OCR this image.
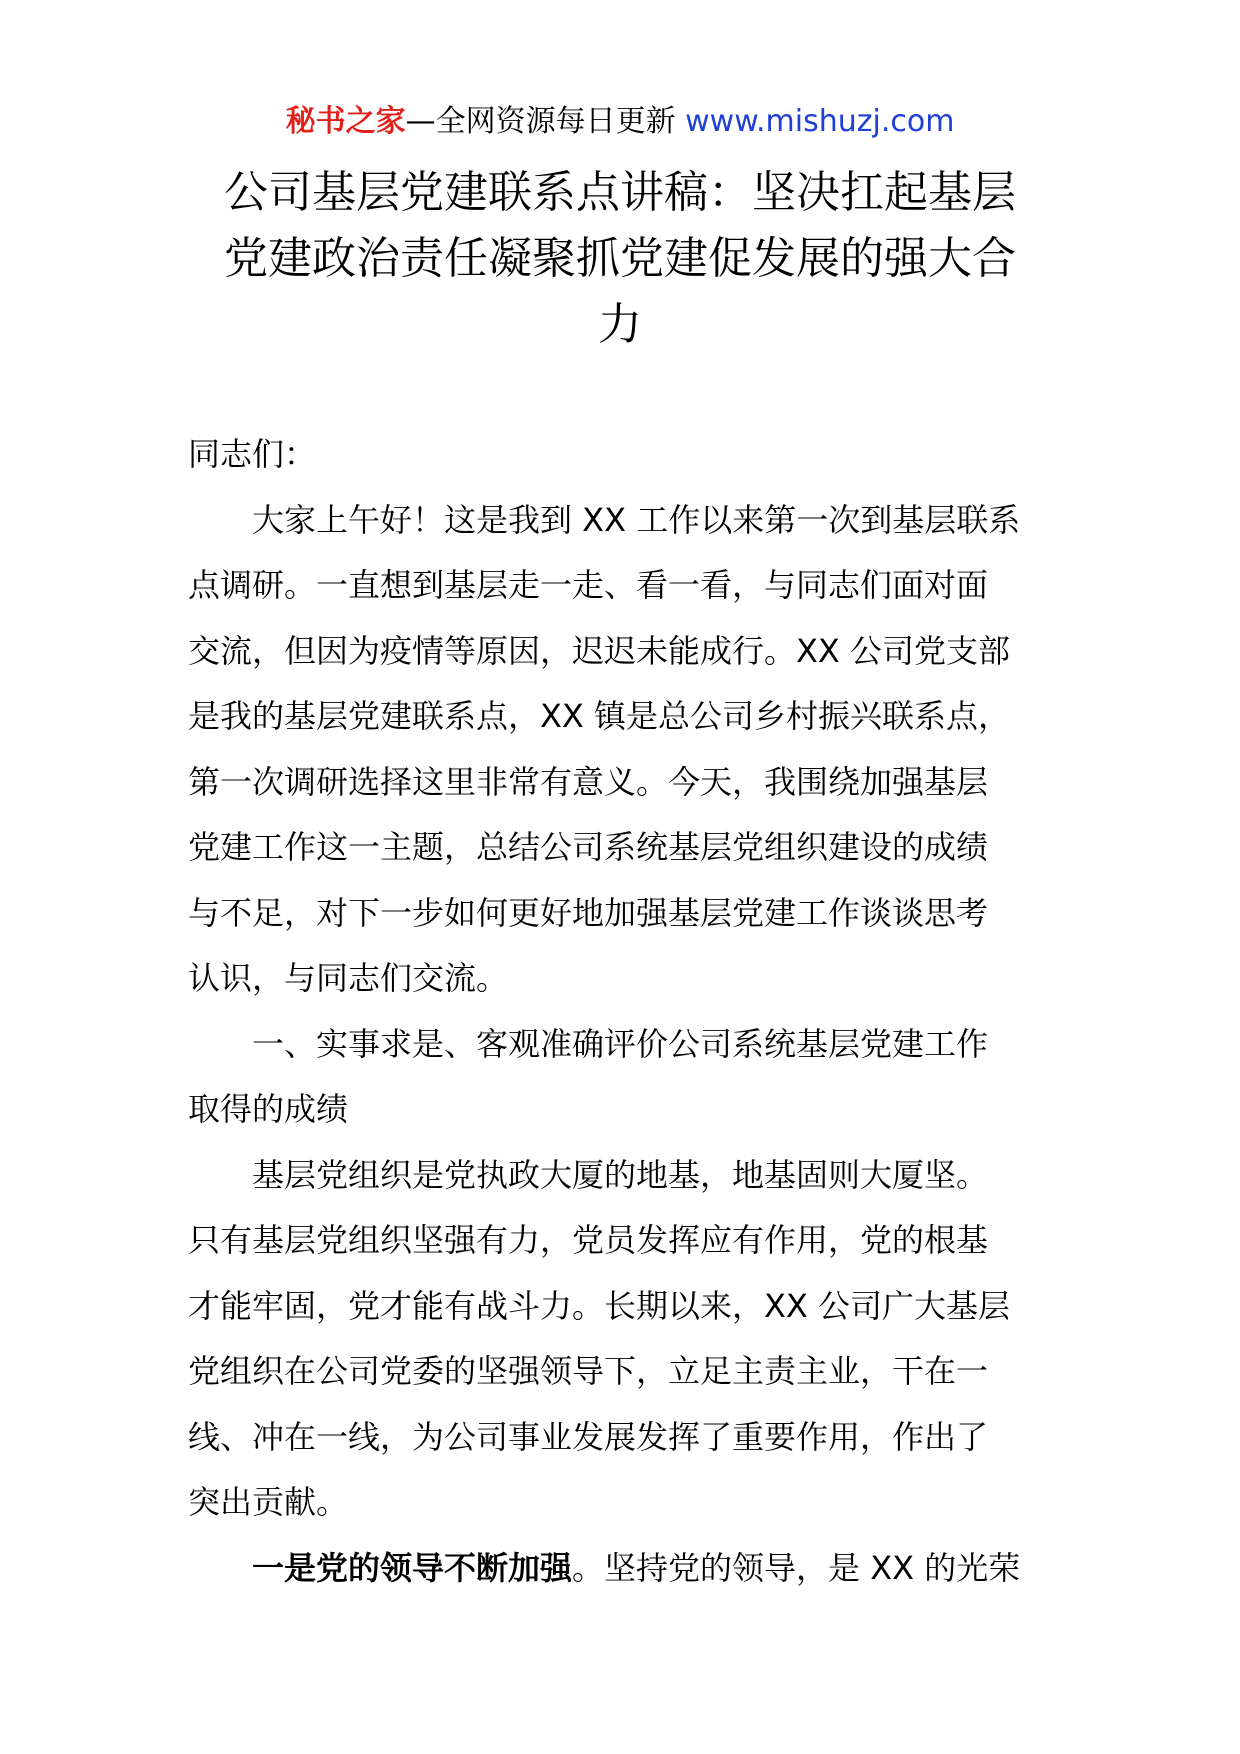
秘书之家—全网资源每日更新 www.mishuzj.com
公司基层党建联系点讲稿：坚决扛起基层
党建政治责任凝聚抓党建促发展的强大合
力

同志们：

大家上午好！这是我到 XX 工作以来第一次到基层联系
点调研。一直想到基层走一走、看一看，与同志们面对面
交流，但因为疫情等原因，迟迟未能成行。XX 公司党支部
是我的基层党建联系点，XX 镇是总公司乡村振兴联系点，
第一次调研选择这里非常有意义。今天，我围绕加强基层
党建工作这一主题，总结公司系统基层党组织建设的成绩
与不足，对下一步如何更好地加强基层党建工作谈谈思考
认识，与同志们交流。

一、实事求是、客观准确评价公司系统基层党建工作
取得的成绩

基层党组织是党执政大厦的地基，地基固则大厦坚。
只有基层党组织坚强有力，党员发挥应有作用，党的根基
才能牢固，党才能有战斗力。长期以来，XX 公司广大基层
党组织在公司党委的坚强领导下，立足主责主业，干在一
线、冲在一线，为公司事业发展发挥了重要作用，作出了
突出贡献。

一是党的领导不断加强。坚持党的领导，是 XX 的光荣
